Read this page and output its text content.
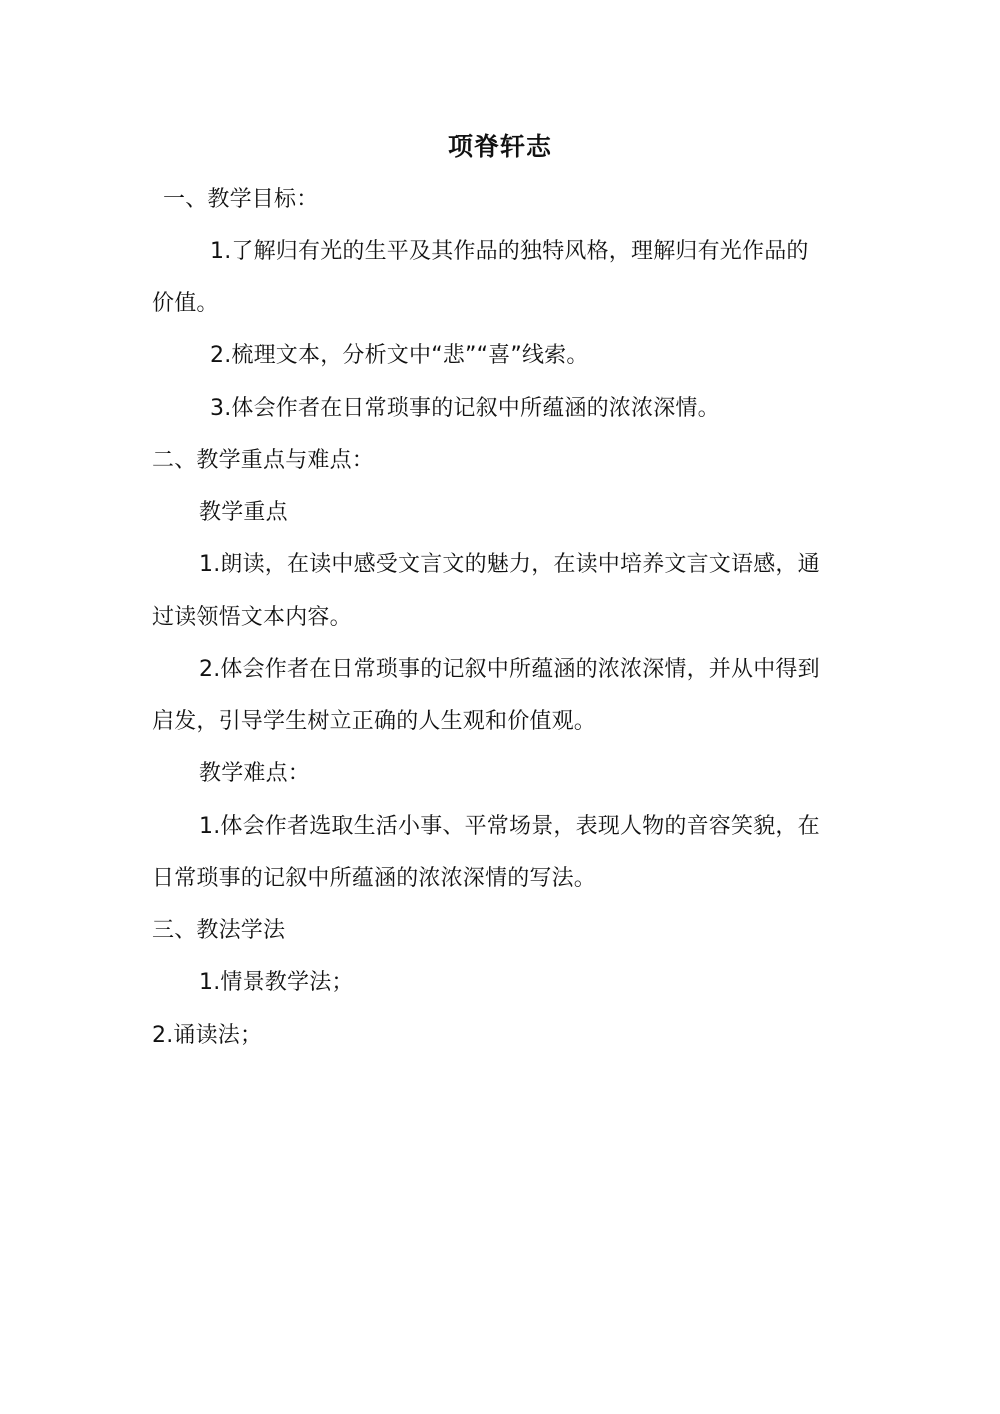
项脊轩志
一、教学目标：
1.了解归有光的生平及其作品的独特风格，理解归有光作品的
价值。
2.梳理文本，分析文中“悲”“喜”线索。
3.体会作者在日常琐事的记叙中所蕴涵的浓浓深情。
二、教学重点与难点：
教学重点
1.朗读，在读中感受文言文的魅力，在读中培养文言文语感，通
过读领悟文本内容。
2.体会作者在日常琐事的记叙中所蕴涵的浓浓深情，并从中得到
启发，引导学生树立正确的人生观和价值观。
教学难点：
1.体会作者选取生活小事、平常场景，表现人物的音容笑貌，在
日常琐事的记叙中所蕴涵的浓浓深情的写法。
三、教法学法
1.情景教学法；
2.诵读法；
